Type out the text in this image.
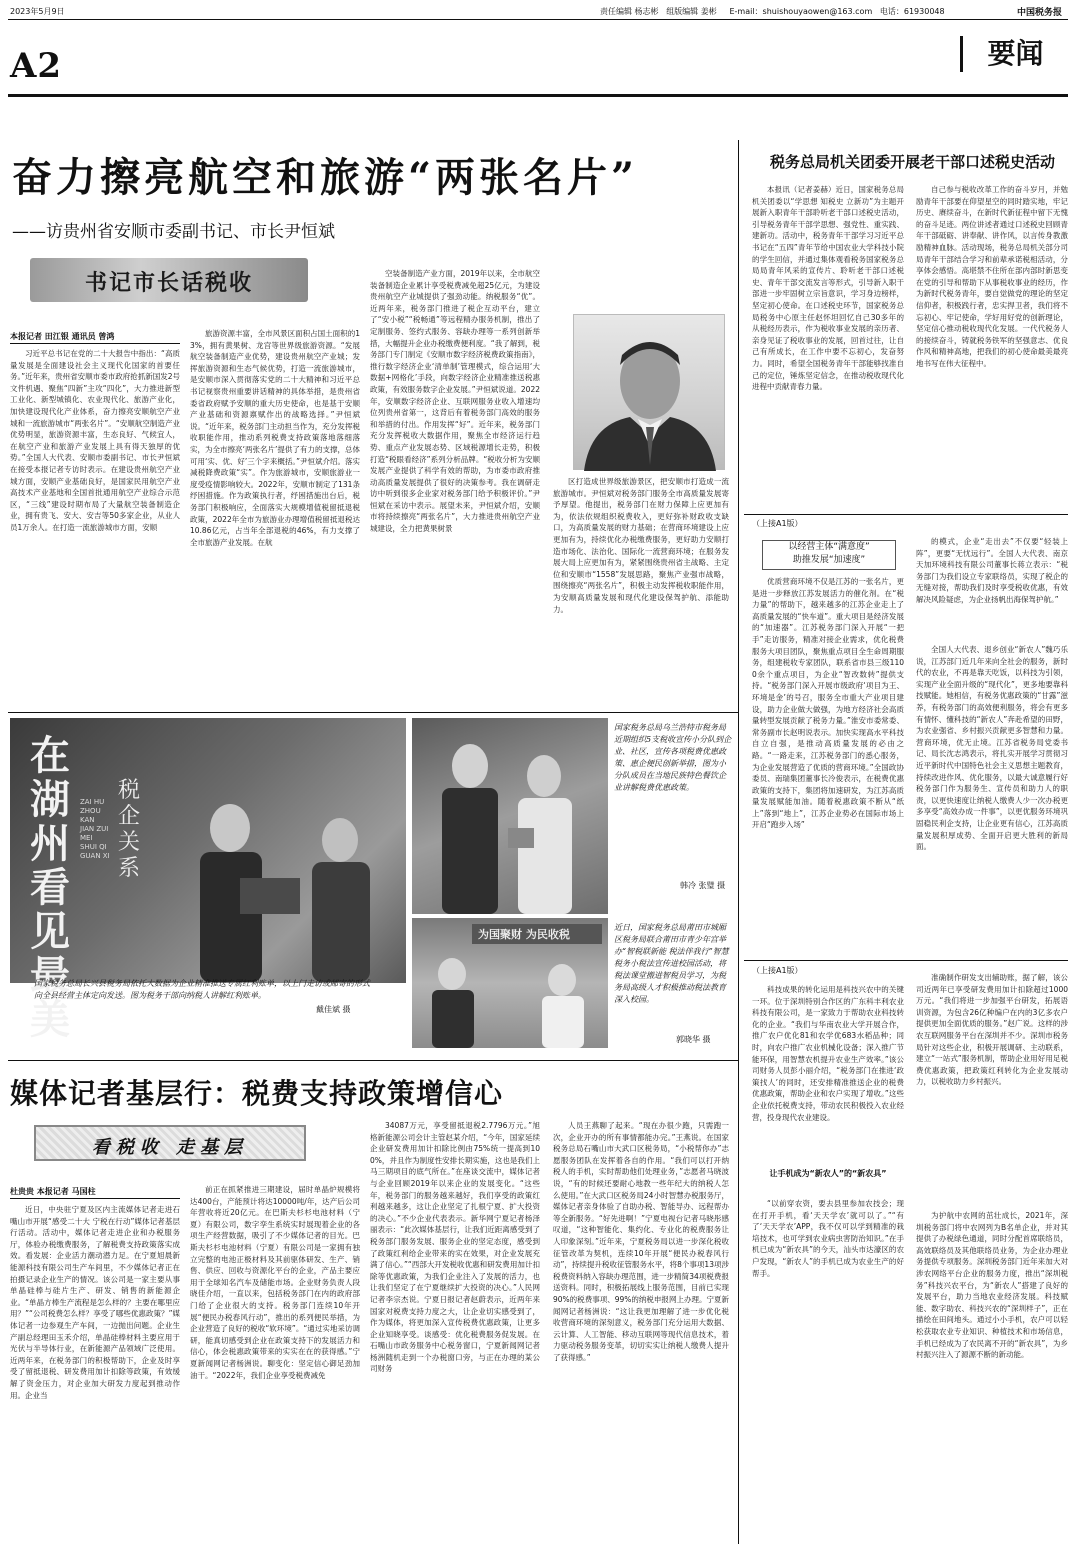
2023年5月9日	责任编辑 杨志彬 组版编辑 姜彬 E-mail：shuishouyaowen@163.com 电话：61930048	中国税务报
A2	要闻
奋力擦亮航空和旅游“两张名片”
——访贵州省安顺市委副书记、市长尹恒斌
书记市长话税收
本报记者 田江银 通讯员 曾鸿

习近平总书记在党的二十大报告中指出：“高质量发展是全面建设社会主义现代化国家的首要任务。”近年来，贵州省安顺市委市政府抢抓新国发2号文件机遇、聚焦“四新”主攻“四化”，大力推进新型工业化、新型城镇化、农业现代化、旅游产业化，加快建设现代化产业体系，奋力擦亮安顺航空产业城和一流旅游城市“两张名片”。“安顺航空制造产业优势明显，旅游资源丰富，生态良好、气候宜人，在航空产业和旅游产业发展上具有得天独厚的优势。”全国人大代表、安顺市委副书记、市长尹恒斌在接受本报记者专访时表示。在建设贵州航空产业城方面，安顺产业基础良好，是国家民用航空产业高技术产业基地和全国首批通用航空产业综合示范区，“三线”建设时期布局了大量航空装备制造企业，拥有贵飞、安大、安吉等50多家企业，从业人员1万余人。在打造一流旅游城市方面，安顺

旅游资源丰富，全市风景区面积占国土面积的13%，拥有黄果树、龙宫等世界级旅游资源。“发展航空装备制造产业优势，建设贵州航空产业城；发挥旅游资源和生态气候优势，打造一流旅游城市，是安顺市深入贯彻落实党的二十大精神和习近平总书记视察贵州重要讲话精神的具体举措，是贵州省委省政府赋予安顺的重大历史使命，也是基于安顺产业基础和资源禀赋作出的战略选择。”尹恒斌说。“近年来，税务部门主动担当作为，充分发挥税收职能作用，推动系列税费支持政策落地落细落实，为全市擦亮‘两张名片’提供了有力的支撑，总体可用‘实、优、好’三个字来概括。”尹恒斌介绍。落实减税降费政策“实”。作为旅游城市，安顺旅游业一度受疫情影响较大。2022年，安顺市制定了131条纾困措施。作为政策执行者，纾困措施出台后，税务部门积极响应，全面落实大规模增值税留抵退税政策，2022年全市为旅游业办理增值税留抵退税达10.86亿元，占当年全部退税的46%，有力支撑了全市旅游产业发展。在航

空装备制造产业方面，2019年以来，全市航空装备制造企业累计享受税费减免超25亿元，为建设贵州航空产业城提供了强劲动能。纳税服务“优”。近两年来，税务部门推进了税企互动平台，建立了“安小税”“税畅通”等远程精办服务机制，推出了定制服务、签约式服务、容缺办理等一系列创新举措，大幅提升企业办税缴费便利度。“我了解到，税务部门专门制定《安顺市数字经济税费政策指南》，推行数字经济企业‘清单制’管理模式，综合运用‘大数据+网格化’手段，向数字经济企业精准推送税惠政策，有效服务数字企业发展。”尹恒斌说道。2022年，安顺数字经济企业、互联网服务业收入增速均位列贵州省第一，这背后有着税务部门高效的服务和举措的付出。作用发挥“好”。近年来，税务部门充分发挥税收大数据作用，聚焦全市经济运行趋势、重点产业发展态势、区域税源增长走势，积极打造“税眼看经济”系列分析品牌。“税收分析为安顺发展产业提供了科学有效的帮助，为市委市政府推动高质量发展提供了很好的决策参考。我在调研走访中听到很多企业家对税务部门给予积极评价。”尹恒斌在采访中表示。展望未来，尹恒斌介绍，安顺市将持续擦亮“两张名片”，大力推进贵州航空产业城建设，全力把黄果树景

区打造成世界级旅游景区，把安顺市打造成一流旅游城市。尹恒斌对税务部门服务全市高质量发展寄予厚望。他提出，税务部门在财力保障上应更加有为，依法依规组织税费收入，更好弥补财政收支缺口，为高质量发展的财力基础；在营商环境建设上应更加有为，持续优化办税缴费服务，更好助力安顺打造市场化、法治化、国际化一流营商环境；在服务发展大局上应更加有为，紧紧围绕贵州省主战略、主定位和安顺市“1558”发展思路，聚焦产业强市战略，围绕擦亮“两张名片”，积极主动发挥税收职能作用，为安顺高质量发展和现代化建设保驾护航、添能助力。

在湖州看见最美
ZAI HU ZHOU KAN JIAN ZUI MEI SHUI QI GUAN XI
税企关系
国家税务总局长兴县税务局依托大数据为企业精准推送专属红利账单，以上门走访或邮寄的形式向全县经营主体定向发送。图为税务干部向纳税人讲解红利账单。
戴佳斌 摄
国家税务总局乌兰浩特市税务局近期组织5支税收宣传小分队到企业、社区，宣传各项税费优惠政策、惠企便民创新举措，图为小分队成员在当地民族特色餐饮企业讲解税费优惠政策。
韩冷 张璧 摄
为国聚财 为民收税
近日，国家税务总局莆田市城厢区税务局联合莆田市青少年宫举办“智税联新能 税法伴我行”智慧税务小税法宣传进校园活动，将税法课堂搬进智税员学习，为税务局高级人才积极推动税法教育深入校园。
郭晓华 摄
媒体记者基层行：税费支持政策增信心
看税收 走基层
杜贵贵 本报记者 马国柱

近日，中央驻宁夏及区内主流媒体记者走进石嘴山市开展“感受二十大 宁税在行动”媒体记者基层行活动。活动中，媒体记者走进企业和办税服务厅，体验办税缴费服务，了解税费支持政策落实成效。看发展：企业活力潮动潜力足。在宁夏旭晨新能源科技有限公司生产车间里，不少媒体记者正在拍摄记录企业生产的情况。该公司是一家主要从事单晶硅棒与硅片生产、研发、销售的新能源企业。“单晶方棒生产流程是怎么样的？主要在哪里应用？”“公司税费怎么样？享受了哪些优惠政策？”媒体记者一边参观生产车间，一边抛出问题。企业生产副总经理田玉禾介绍，单晶硅棒材料主要应用于光伏与半导体行业，在新能源产品领域广泛使用。近两年来，在税务部门的积极帮助下，企业及时享受了留抵退税、研发费用加计扣除等政策，有效缓解了资金压力，对企业加大研发力度起到推动作用。企业当

前正在抓紧推进三期建设，届时单晶炉规模将达400台，产能预计将达10000吨/年，达产后公司年营收将近20亿元。在巴斯夫杉杉电池材料（宁夏）有限公司，数字孪生系统实时展现着企业的各项生产经营数据，吸引了不少媒体记者的目光。巴斯夫杉杉电池材料（宁夏）有限公司是一家拥有独立完整的电池正极材料及其前驱体研发、生产、销售、供应、回收与资源化平台的企业，产品主要应用于全球知名汽车及储能市场。企业财务负责人段晓佳介绍，一直以来，包括税务部门在内的政府部门给了企业很大的支持。税务部门连续10年开展“便民办税春风行动”，推出的系列便民举措，为企业营造了良好的税收“软环境”。“通过实地采访调研，能真切感受到企业在政策支持下的发展活力和信心，体会税惠政策带来的实实在在的获得感。”宁夏新闻网记者杨洲说。聊变化：坚定信心御足劲加油干。“2022年，我们企业享受税费减免

34087万元，享受留抵退税2.7796万元。”旭格新能源公司会计主管赵某介绍，“今年，国家延续企业研发费用加计扣除比例由75%统一提高到100%，并且作为制度性安排长期实施，这也是我们上马三期项目的底气所在。”在座谈交流中，媒体记者与企业回顾2019年以来企业的发展变化。“这些年，税务部门的服务越来越好，我们享受的政策红利越来越多，这让企业坚定了扎根宁夏、扩大投资的决心。”不少企业代表表示。新华网宁夏记者杨泽丽表示：“此次媒体基层行，让我们近距离感受到了税务部门服务发展、服务企业的坚定态度，感受到了政策红利给企业带来的实在效果，对企业发展充满了信心。”“西部大开发税收优惠和研发费用加计扣除等优惠政策，为我们企业注入了发展的活力，也让我们坚定了在宁夏继续扩大投资的决心。”人民网记者李宗杰说。宁夏日报记者赵蔚表示，近两年来国家对税费支持力度之大，让企业切实感受到了，作为媒体，将更加深入宣传税费优惠政策，让更多企业知晓享受。谈感受：优化税费服务促发展。在石嘴山市政务服务中心税务窗口，宁夏新闻网记者杨洲随机走到一个办税窗口旁，与正在办理的某公司财务

人员王燕聊了起来。“现在办很少跑，只需跑一次，企业开办的所有事情都能办完。”王燕说。在国家税务总局石嘴山市大武口区税务局，“小税帮你办”志愿服务团队在发挥着各自的作用。“我们可以打开纳税人的手机，实时帮助他们处理业务，”志愿者马晓波说，“有的时候还要耐心地教一些年纪大的纳税人怎么使用。”在大武口区税务局24小时智慧办税服务厅，媒体记者亲身体验了自助办税、智能导办、远程帮办等全新服务。“好先进啊！”宁夏电视台记者马晓彤感叹道，“这种智能化、集约化、专业化的税费服务让人印象深刻。”近年来，宁夏税务局以进一步深化税收征管改革为契机，连续10年开展“便民办税春风行动”，持续提升税收征管服务水平，将8个事项13项涉税费资料纳入容缺办理范围，进一步精简34项税费报送资料。同时，积极拓展线上服务范围，目前已实现90%的税费事项、99%的纳税申报网上办理。宁夏新闻网记者杨洲说：“这让我更加理解了进一步优化税收营商环境的深刻意义，税务部门充分运用大数据、云计算、人工智能、移动互联网等现代信息技术，着力驱动税务服务变革，切切实实让纳税人缴费人提升了获得感。”

税务总局机关团委开展老干部口述税史活动

本报讯（记者姜赫）近日，国家税务总局机关团委以“学思想 知税史 立新功”为主题开展新入职青年干部聆听老干部口述税史活动，引导税务青年干部学思想、强党性、重实践、建新功。活动中，税务青年干部学习习近平总书记在“五四”青年节给中国农业大学科技小院的学生回信，并通过集体观看税务国家税务总局局青年风采的宣传片、聆听老干部口述税史、青年干部交流发言等形式，引导新入职干部进一步牢固树立宗旨意识，学习身边榜样，坚定初心使命。在口述税史环节，国家税务总局税务中心原主任赵怀坦回忆自己30多年的从税经历表示，作为税收事业发展的亲历者、亲身见证了税收事业的发展，回首过往，让自己有所成长，在工作中要不忘初心，发奋努力。同时，希望全国税务青年干部能够找准自己的定位，锤炼坚定信念，在推动税收现代化进程中贡献青春力量。

自己参与税收改革工作的奋斗岁月，并勉励青年干部要在仰望星空的同时踏实地，牢记历史、赓续奋斗，在新时代新征程中留下无愧的奋斗足迹。两位讲述者通过口述税史回顾青年干部砥砺、讲奉献、讲作风，以言传身教激励精神血脉。活动现场，税务总局机关部分司局青年干部结合学习和前辈承诺税相活动，分享体会感悟。高堪禁不住所在部内部时新思变在党的引导和帮助下从事税收事业的经历，作为新时代税务青年，要自觉做党的理论的坚定信仰者，积极践行者，忠实捍卫者，我们将不忘初心、牢记使命，学好用好党的创新理论，坚定信心推动税收现代化发展。一代代税务人的接续奋斗，铸就税务铁军的坚强意志、优良作风和精神高地，把我们的初心使命最美最亮地书写在伟大征程中。

（上接A1版）
以经营主体“满意度”
助推发展“加速度”

的模式，企业“走出去”不仅要“轻装上阵”，更要“无忧远行”。全国人大代表、南京天加环境科技有限公司董事长蒋立表示：“税务部门为我们设立专家联络员，实现了税企的无缝对接，帮助我们及时享受税收优惠，有效解决风险疑虑，为企业扬帆出海保驾护航。”

优质营商环境不仅是江苏的一张名片，更是进一步释放江苏发展活力的催化剂。在“税力量”的帮助下，越来越多的江苏企业走上了高质量发展的“快车道”。重大项目是经济发展的“加速器”。江苏税务部门深入开展“一把手”走访服务，精准对接企业需求，优化税费服务大项目团队，聚焦重点项目全生命周期服务，组建税收专家团队，联系省市县三级1100余个重点项目，为企业“智改数转”提供支持。“税务部门深入开展市级政府‘项目为王、环境是金’的号召，服务全市重大产业项目建设，助力企业做大做强，为地方经济社会高质量转型发展贡献了税务力量。”淮安市委常委、常务副市长赵明说表示。加快实现高水平科技自立自强，是推动高质量发展的必由之路。“一路走来，江苏税务部门的悉心服务，为企业发展营造了优质的营商环境。”全国政协委员、南瑞集团董事长冷俊表示，在税费优惠政策的支持下，集团将加速研发，为江苏高质量发展赋能加油。随着税惠政策不断从“纸上”落到“地上”，江苏企业势必在国际市场上开启“跑步入场”

全国人大代表、退乡创业“新农人”魏巧乐说，江苏部门近几年来向全社会的服务，新时代的农业，不再是靠天吃饭，以科技为引领，实现产业全面升级的“现代化”，更多地要靠科技赋能。她相信，有税务优惠政策的“甘露”滋养，有税务部门的高效便利服务，将会有更多有情怀、懂科技的“新农人”奔赴希望的田野，为农业强省、乡村振兴贡献更多智慧和力量。营商环境，优无止境。江苏省税务局党委书记、局长沈志鸿表示，将扎实开展学习贯彻习近平新时代中国特色社会主义思想主题教育，持续改进作风、优化服务，以最大诚意履行好税务部门作为服务生、宣传员和助力人的职责，以更快速度让纳税人缴费人少一次办税更多享受“高效办成一件事”，以更优服务环境巩固稳民利企支持，让企业更有信心，江苏高质量发展积厚成势、全面开启更大胜利的新局面。

（上接A1版）

科技成果的转化运用是科技兴农中的关键一环。位于深圳特别合作区的广东科丰利农业科技有限公司，是一家致力于帮助农业科技转化的企业。“我们与华南农业大学开展合作，推广农户优化81和农学优683水稻品种；同时，向农户推广农业机械化设备；深入推广节能环保，用智慧农机提升农业生产效率。”该公司财务人员彭小丽介绍，“税务部门在推进‘政策找人’的同时，还安排精准推送企业的税费优惠政策，帮助企业和农户实现了增收。”这些企业依托税费支持，带动农民积极投入农业经营，投身现代农业建设。

让手机成为“新农人”的“新农具”

“以前穿农资，要去县里参加农技会；现在打开手机，看‘天天学农’就可以了。”“有了‘天天学农’APP，我不仅可以学到精准的栽培技术，也可学到农业病虫害防治知识。”在手机已成为“新农具”的今天，汕头市达濠区的农户发现，“新农人”的手机已成为农业生产的好帮手。

准确制作研发支出辅助账，据了解，该公司近两年已享受研发费用加计扣除超过1000万元。“我们将进一步加强平台研发，拓展语训资源，为包含26亿种编户在内的3亿多农户提供更加全面优质的服务。”赵广说。这样的涉农互联网服务平台在深圳并不少。深圳市税务局针对这些企业，积极开展调研、主动联系，建立“一站式”服务机制，帮助企业用好用足税费优惠政策，把政策红利转化为企业发展动力，以税收助力乡村振兴。

为护航中农网的茁壮成长，2021年，深圳税务部门将中农网列为B名单企业，并对其提供了办税绿色通道，同时分配首席联络员，高效联络员及其他联络员业务，为企业办理业务提供专项服务。深圳税务部门近年来加大对涉农网络平台企业的服务力度，推出“深圳税务”科技兴农平台，为“新农人”搭建了良好的发展平台，助力当地农业经济发展。科技赋能、数字助农、科技兴农的“深圳样子”，正在描绘在田间地头。通过小小手机，农户可以轻松获取农业专业知识、种植技术和市场信息，手机已经成为了农民离不开的“新农具”，为乡村振兴注入了源源不断的新动能。
